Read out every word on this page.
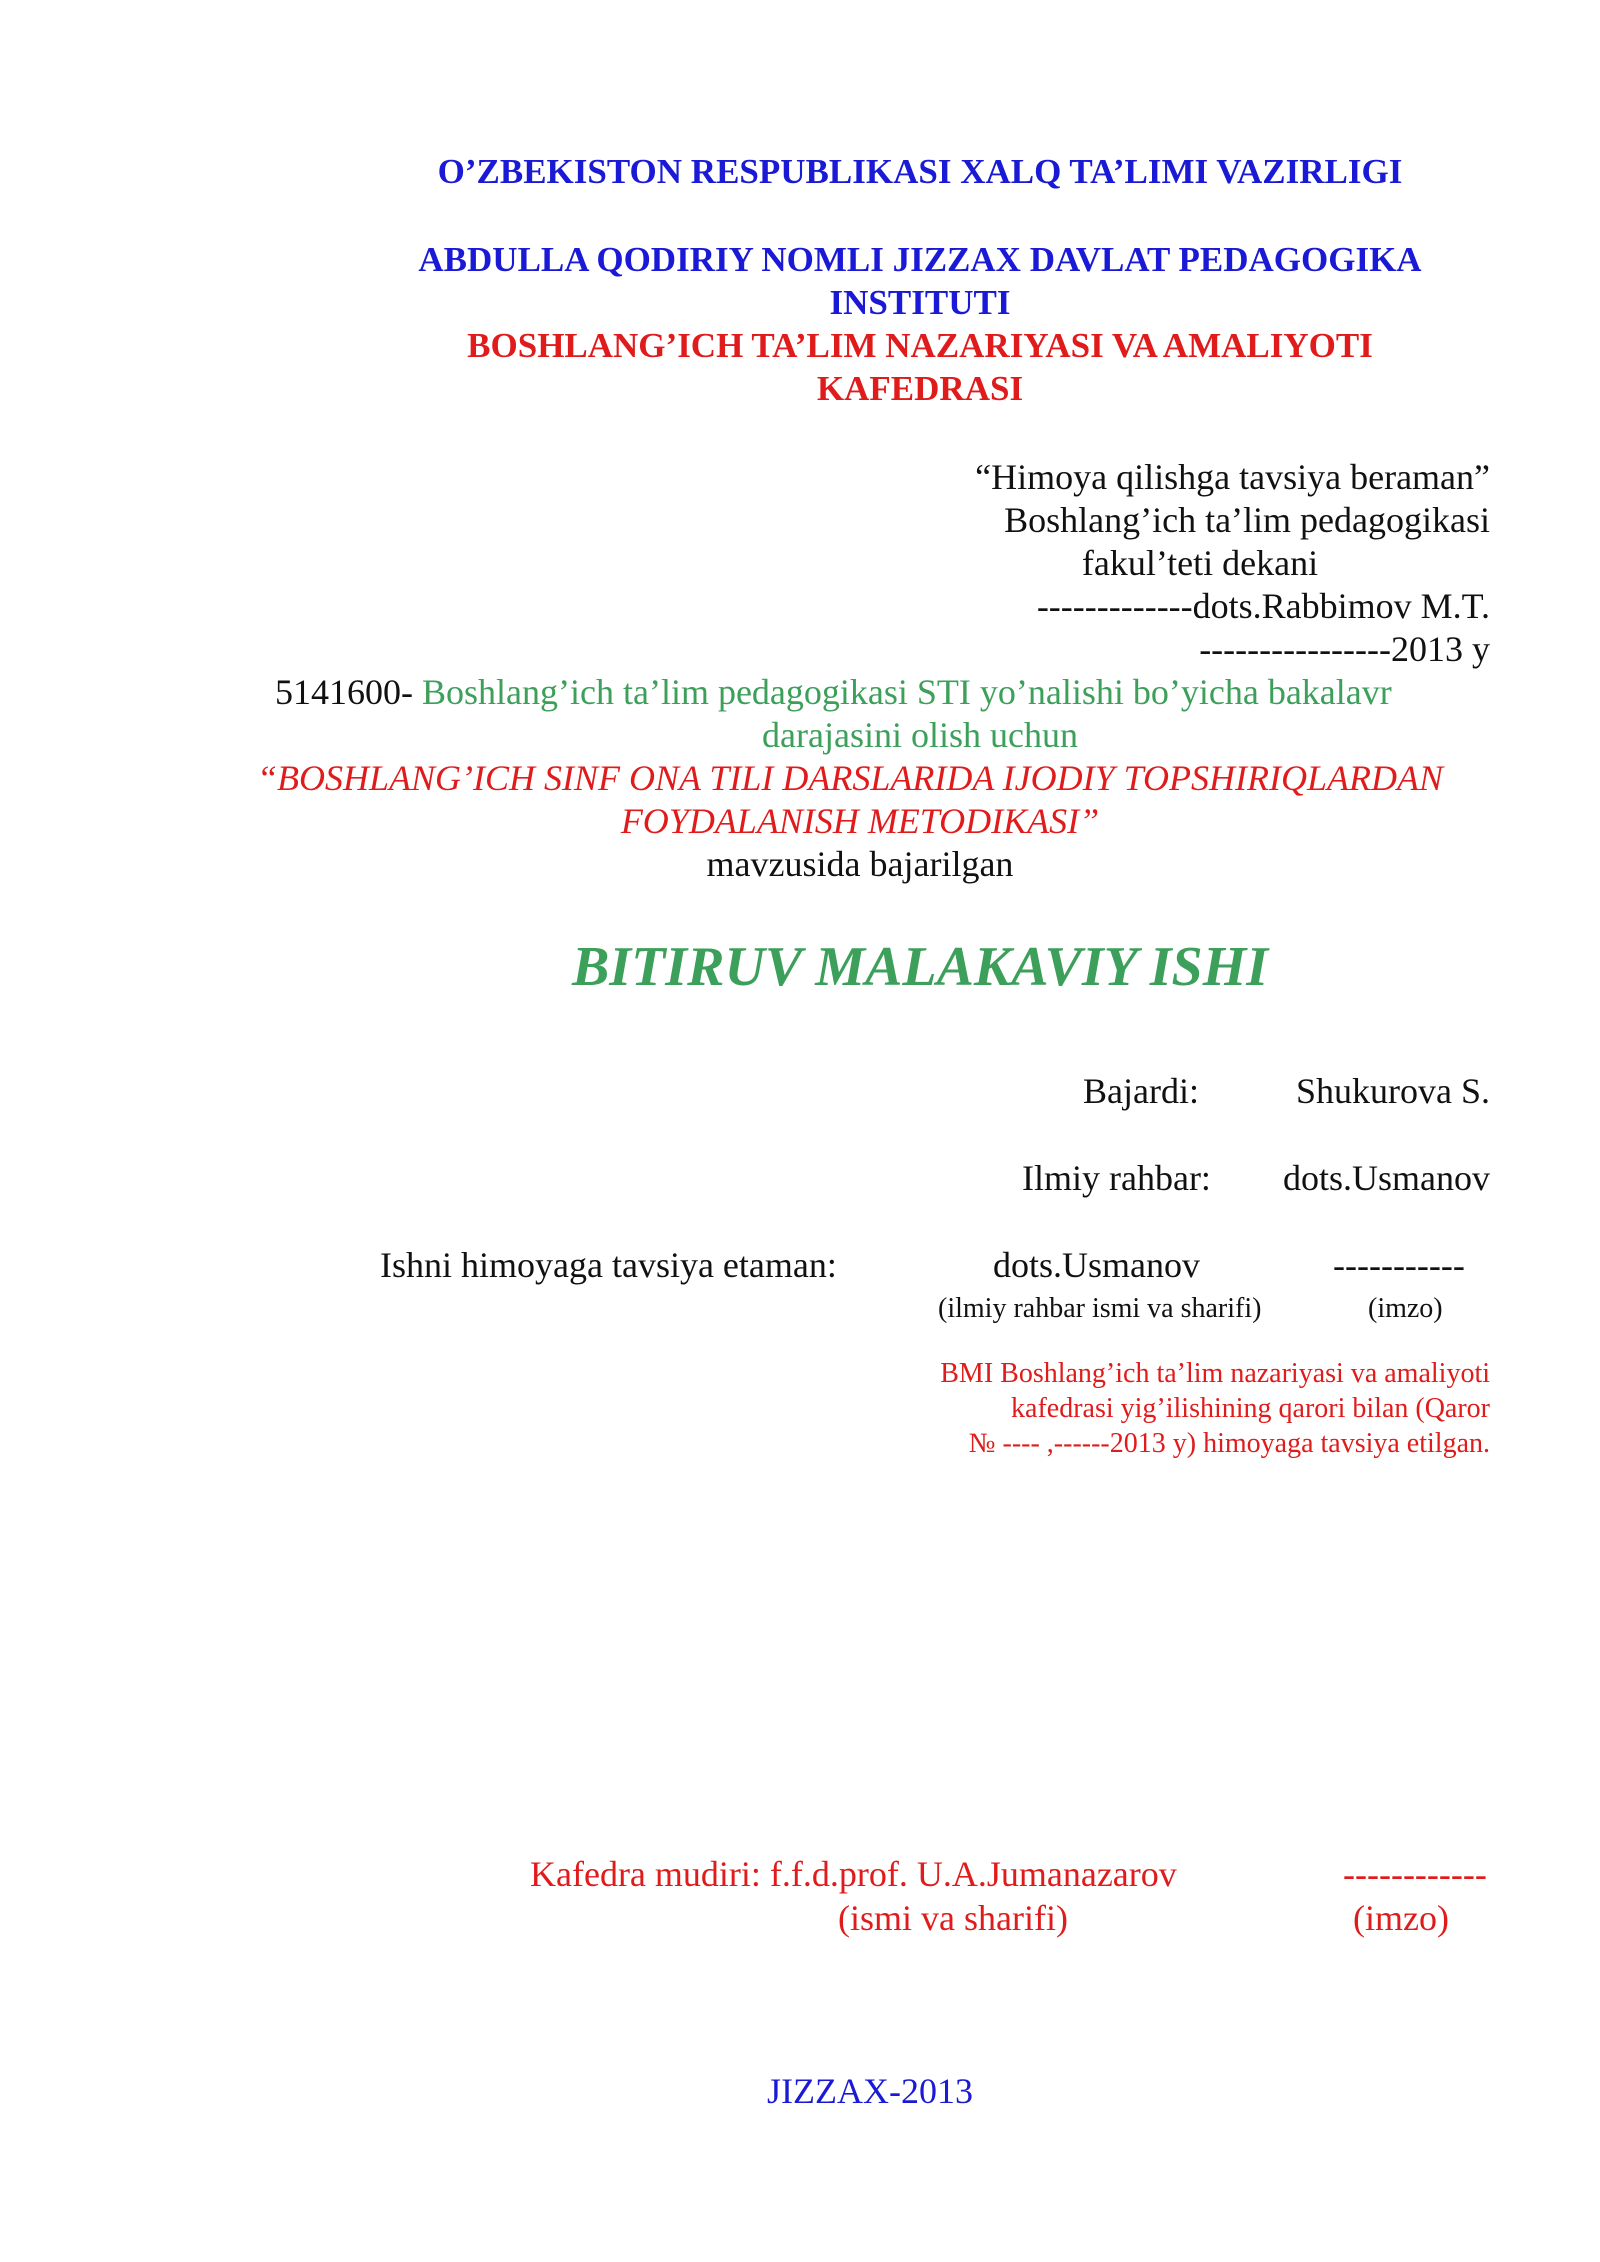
O’ZBEKISTON RESPUBLIKASI XALQ TA’LIMI VAZIRLIGI
ABDULLA QODIRIY NOMLI JIZZAX DAVLAT PEDAGOGIKA
INSTITUTI
BOSHLANG’ICH TA’LIM NAZARIYASI VA AMALIYOTI
KAFEDRASI
“Himoya qilishga tavsiya beraman”
Boshlang’ich ta’lim pedagogikasi
fakul’teti dekani
-------------dots.Rabbimov M.T.
----------------2013 y
5141600- Boshlang’ich ta’lim pedagogikasi STI yo’nalishi bo’yicha bakalavr
darajasini olish uchun
“BOSHLANG’ICH SINF ONA TILI DARSLARIDA IJODIY TOPSHIRIQLARDAN
FOYDALANISH METODIKASI”
mavzusida bajarilgan
BITIRUV MALAKAVIY ISHI
Bajardi:	Shukurova S.
Ilmiy rahbar:	dots.Usmanov
Ishni himoyaga tavsiya etaman:	dots.Usmanov	-----------
(ilmiy rahbar ismi va sharifi)	(imzo)
BMI Boshlang’ich ta’lim nazariyasi va amaliyoti
kafedrasi yig’ilishining qarori bilan (Qaror
№ ---- ,------2013 y) himoyaga tavsiya etilgan.
Kafedra mudiri: f.f.d.prof. U.A.Jumanazarov	------------
(ismi va sharifi)	(imzo)
JIZZAX-2013
